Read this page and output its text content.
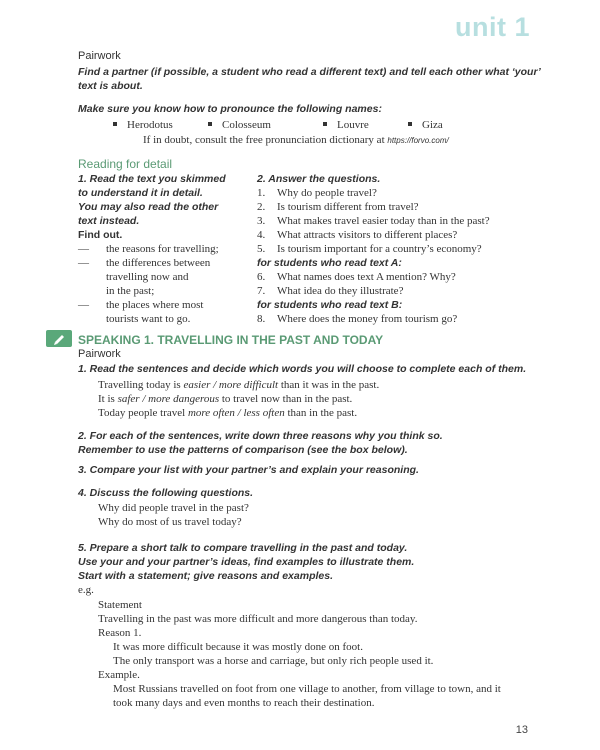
unit 1
Pairwork
Find a partner (if possible, a student who read a different text) and tell each other what ‘your’ text is about.
Make sure you know how to pronounce the following names:
Herodotus	Colosseum	Louvre	Giza
If in doubt, consult the free pronunciation dictionary at https://forvo.com/
Reading for detail
1. Read the text you skimmed
to understand it in detail.
You may also read the other
text instead.
Find out.
—	the reasons for travelling;
—	the differences between
travelling now and
in the past;
—	the places where most
tourists want to go.
2. Answer the questions.
1.	Why do people travel?
2.	Is tourism different from travel?
3.	What makes travel easier today than in the past?
4.	What attracts visitors to different places?
5.	Is tourism important for a country’s economy?
for students who read text A:
6.	What names does text A mention? Why?
7.	What idea do they illustrate?
for students who read text B:
8.	Where does the money from tourism go?
SPEAKING 1. TRAVELLING IN THE PAST AND TODAY
Pairwork
1. Read the sentences and decide which words you will choose to complete each of them.
Travelling today is easier / more difficult than it was in the past.
It is safer / more dangerous to travel now than in the past.
Today people travel more often / less often than in the past.
2. For each of the sentences, write down three reasons why you think so.
Remember to use the patterns of comparison (see the box below).
3. Compare your list with your partner’s and explain your reasoning.
4. Discuss the following questions.
Why did people travel in the past?
Why do most of us travel today?
5. Prepare a short talk to compare travelling in the past and today.
Use your and your partner’s ideas, find examples to illustrate them.
Start with a statement; give reasons and examples.
e.g.
Statement
Travelling in the past was more difficult and more dangerous than today.
Reason 1.
It was more difficult because it was mostly done on foot.
The only transport was a horse and carriage, but only rich people used it.
Example.
Most Russians travelled on foot from one village to another, from village to town, and it
took many days and even months to reach their destination.
13
